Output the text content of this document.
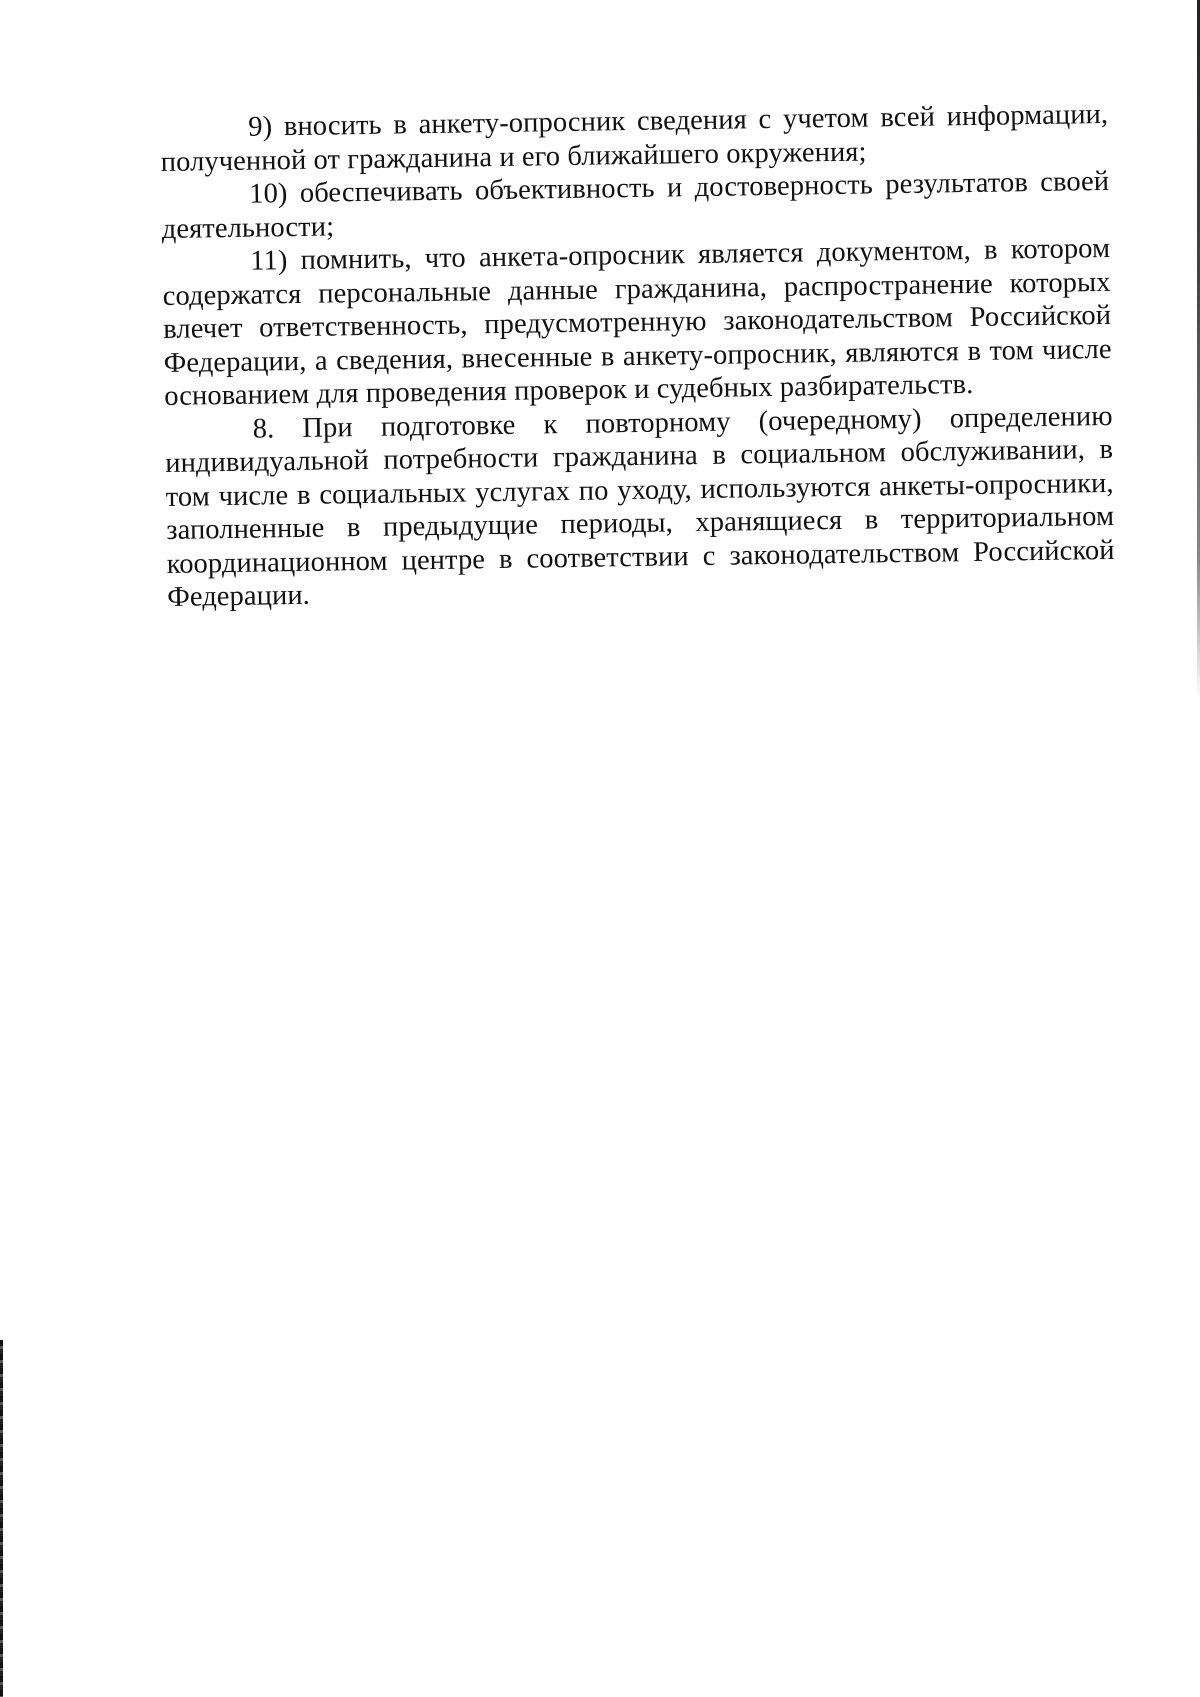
9) вносить в анкету-опросник сведения с учетом всей информации, полученной от гражданина и его ближайшего окружения;

10) обеспечивать объективность и достоверность результатов своей деятельности;

11) помнить, что анкета-опросник является документом, в котором содержатся персональные данные гражданина, распространение которых влечет ответственность, предусмотренную законодательством Российской Федерации, а сведения, внесенные в анкету-опросник, являются в том числе основанием для проведения проверок и судебных разбирательств.

8. При подготовке к повторному (очередному) определению индивидуальной потребности гражданина в социальном обслуживании, в том числе в социальных услугах по уходу, используются анкеты-опросники, заполненные в предыдущие периоды, хранящиеся в территориальном координационном центре в соответствии с законодательством Российской Федерации.
